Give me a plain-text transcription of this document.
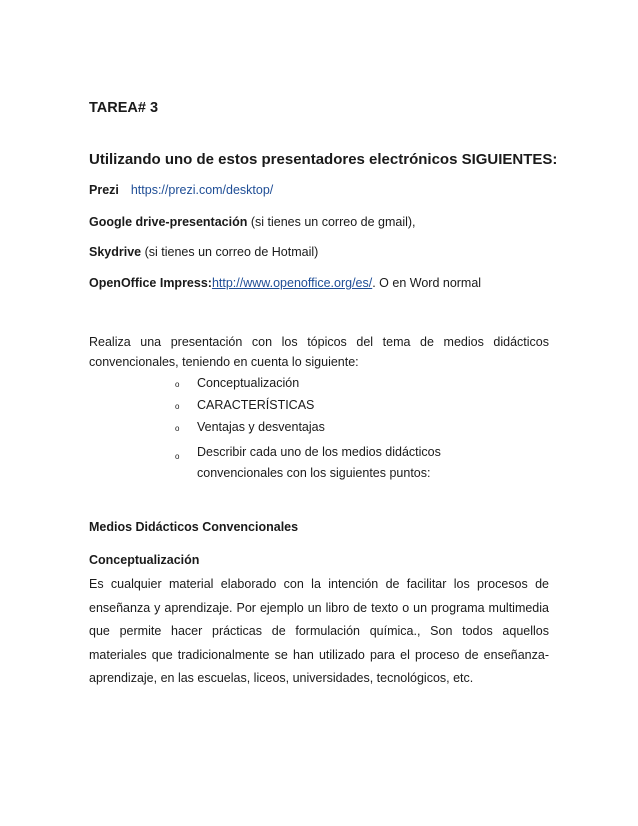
TAREA# 3
Utilizando uno de estos presentadores electrónicos SIGUIENTES:
Prezi https://prezi.com/desktop/
Google drive-presentación (si tienes un correo de gmail),
Skydrive (si tienes un correo de Hotmail)
OpenOffice Impress:http://www.openoffice.org/es/. O en Word normal
Realiza una presentación con los tópicos del tema de medios didácticos convencionales, teniendo en cuenta lo siguiente:
o Conceptualización
o CARACTERÍSTICAS
o Ventajas y desventajas
o Describir cada uno de los medios didácticos convencionales con los siguientes puntos:
Medios Didácticos Convencionales
Conceptualización
Es cualquier material elaborado con la intención de facilitar los procesos de enseñanza y aprendizaje. Por ejemplo un libro de texto o un programa multimedia que permite hacer prácticas de formulación química., Son todos aquellos materiales que tradicionalmente se han utilizado para el proceso de enseñanza-aprendizaje, en las escuelas, liceos, universidades, tecnológicos, etc.
